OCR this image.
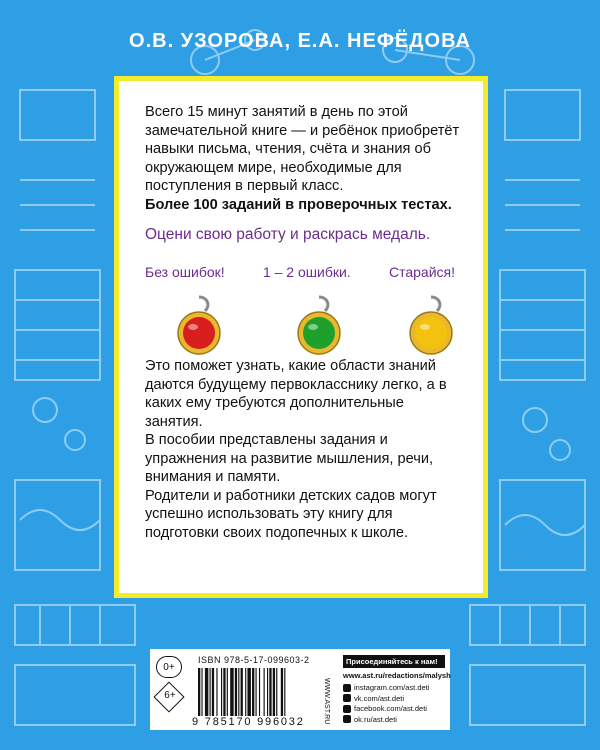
О.В. УЗОРОВА, Е.А. НЕФЁДОВА

Всего 15 минут занятий в день по этой замечательной книге — и ребёнок приобретёт навыки письма, чтения, счёта и знания об окружающем мире, необходимые для поступления в первый класс.

Более 100 заданий в проверочных тестах.

Оцени свою работу и раскрась медаль.

Без ошибок!	1 – 2 ошибки.	Старайся!

Это поможет узнать, какие области знаний даются будущему первокласснику легко, а в каких ему требуются дополнительные занятия.

В пособии представлены задания и упражнения на развитие мышления, речи, внимания и памяти.

Родители и работники детских садов могут успешно использовать эту книгу для подготовки своих подопечных к школе.

0+
6+
ISBN 978-5-17-099603-2
9 785170 996032	WWW.AST.RU
Присоединяйтесь к нам!
www.ast.ru/redactions/malysh
instagram.com/ast.deti
vk.com/ast.deti
facebook.com/ast.deti
ok.ru/ast.deti
